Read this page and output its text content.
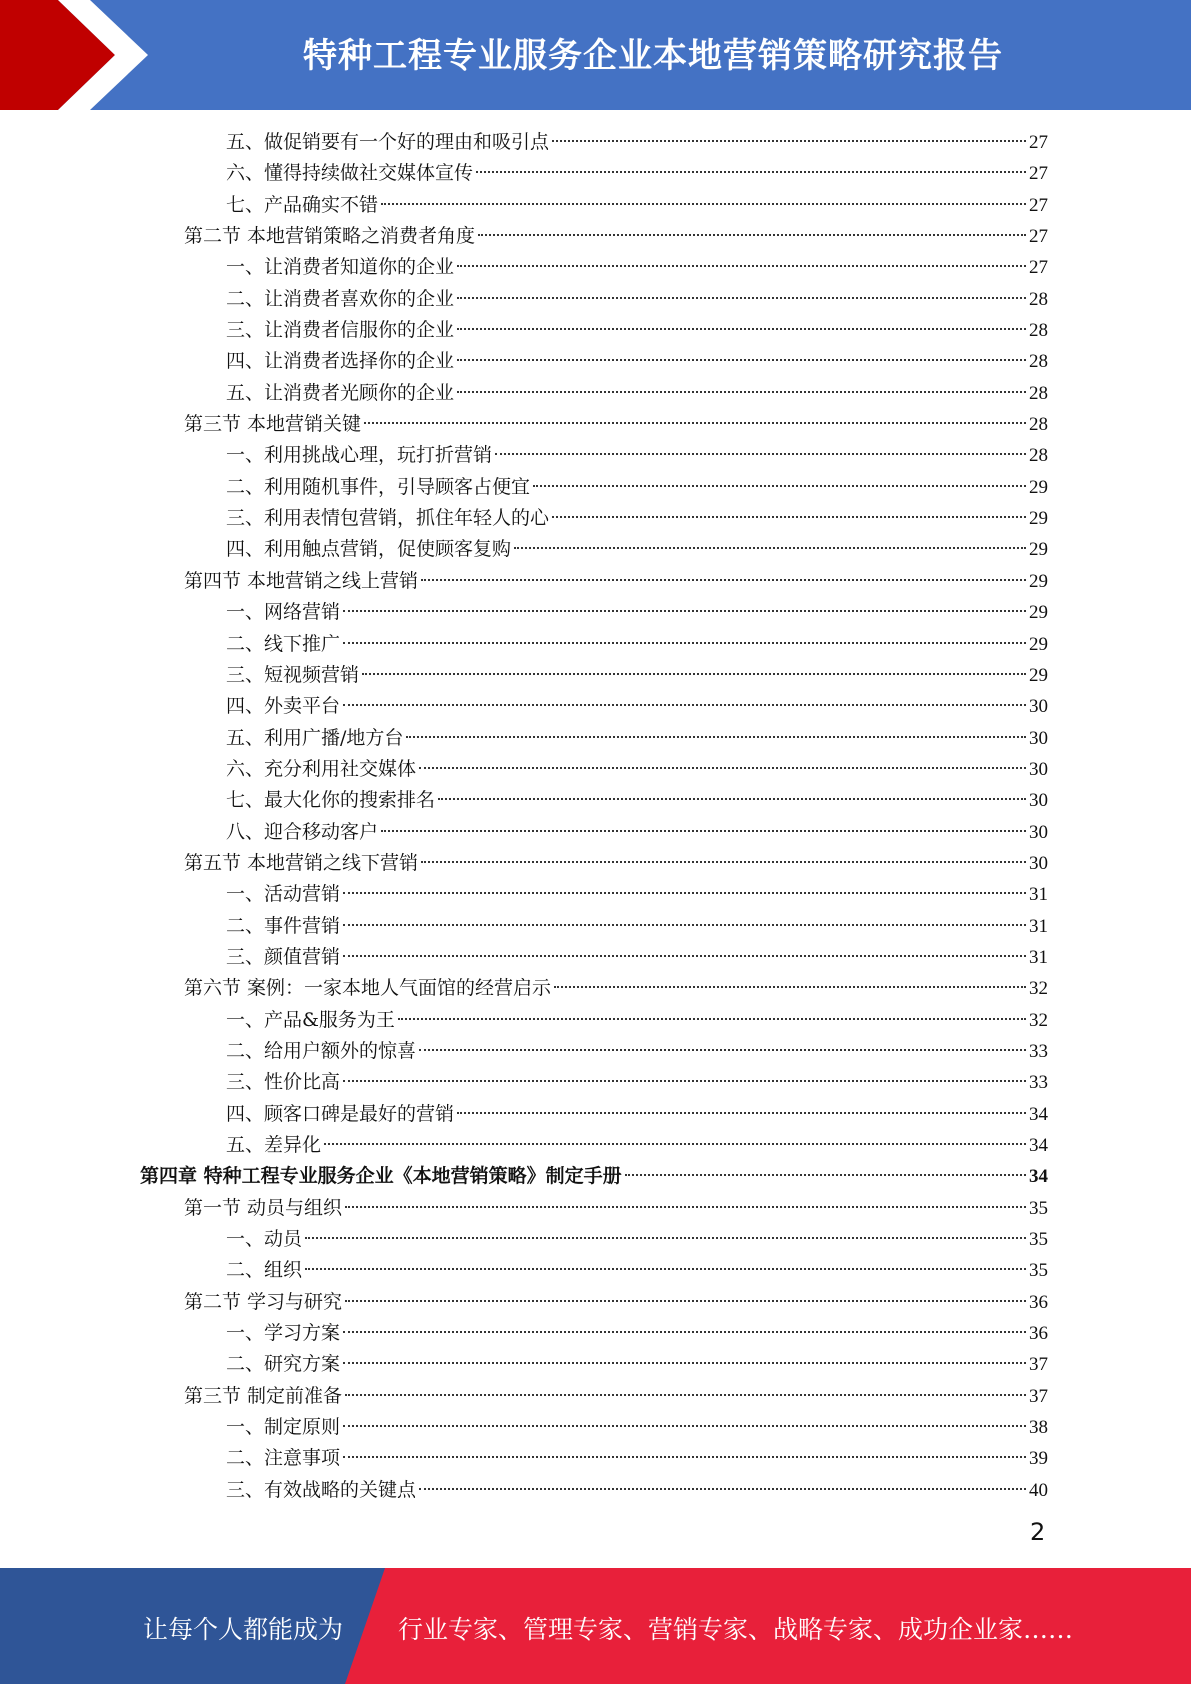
特种工程专业服务企业本地营销策略研究报告
五、做促销要有一个好的理由和吸引点	27
六、懂得持续做社交媒体宣传	27
七、产品确实不错	27
第二节 本地营销策略之消费者角度	27
一、让消费者知道你的企业	27
二、让消费者喜欢你的企业	28
三、让消费者信服你的企业	28
四、让消费者选择你的企业	28
五、让消费者光顾你的企业	28
第三节 本地营销关键	28
一、利用挑战心理，玩打折营销	28
二、利用随机事件，引导顾客占便宜	29
三、利用表情包营销，抓住年轻人的心	29
四、利用触点营销，促使顾客复购	29
第四节 本地营销之线上营销	29
一、网络营销	29
二、线下推广	29
三、短视频营销	29
四、外卖平台	30
五、利用广播/地方台	30
六、充分利用社交媒体	30
七、最大化你的搜索排名	30
八、迎合移动客户	30
第五节 本地营销之线下营销	30
一、活动营销	31
二、事件营销	31
三、颜值营销	31
第六节 案例：一家本地人气面馆的经营启示	32
一、产品&服务为王	32
二、给用户额外的惊喜	33
三、性价比高	33
四、顾客口碑是最好的营销	34
五、差异化	34
第四章 特种工程专业服务企业《本地营销策略》制定手册	34
第一节 动员与组织	35
一、动员	35
二、组织	35
第二节 学习与研究	36
一、学习方案	36
二、研究方案	37
第三节 制定前准备	37
一、制定原则	38
二、注意事项	39
三、有效战略的关键点	40
2
让每个人都能成为 行业专家、管理专家、营销专家、战略专家、成功企业家……
